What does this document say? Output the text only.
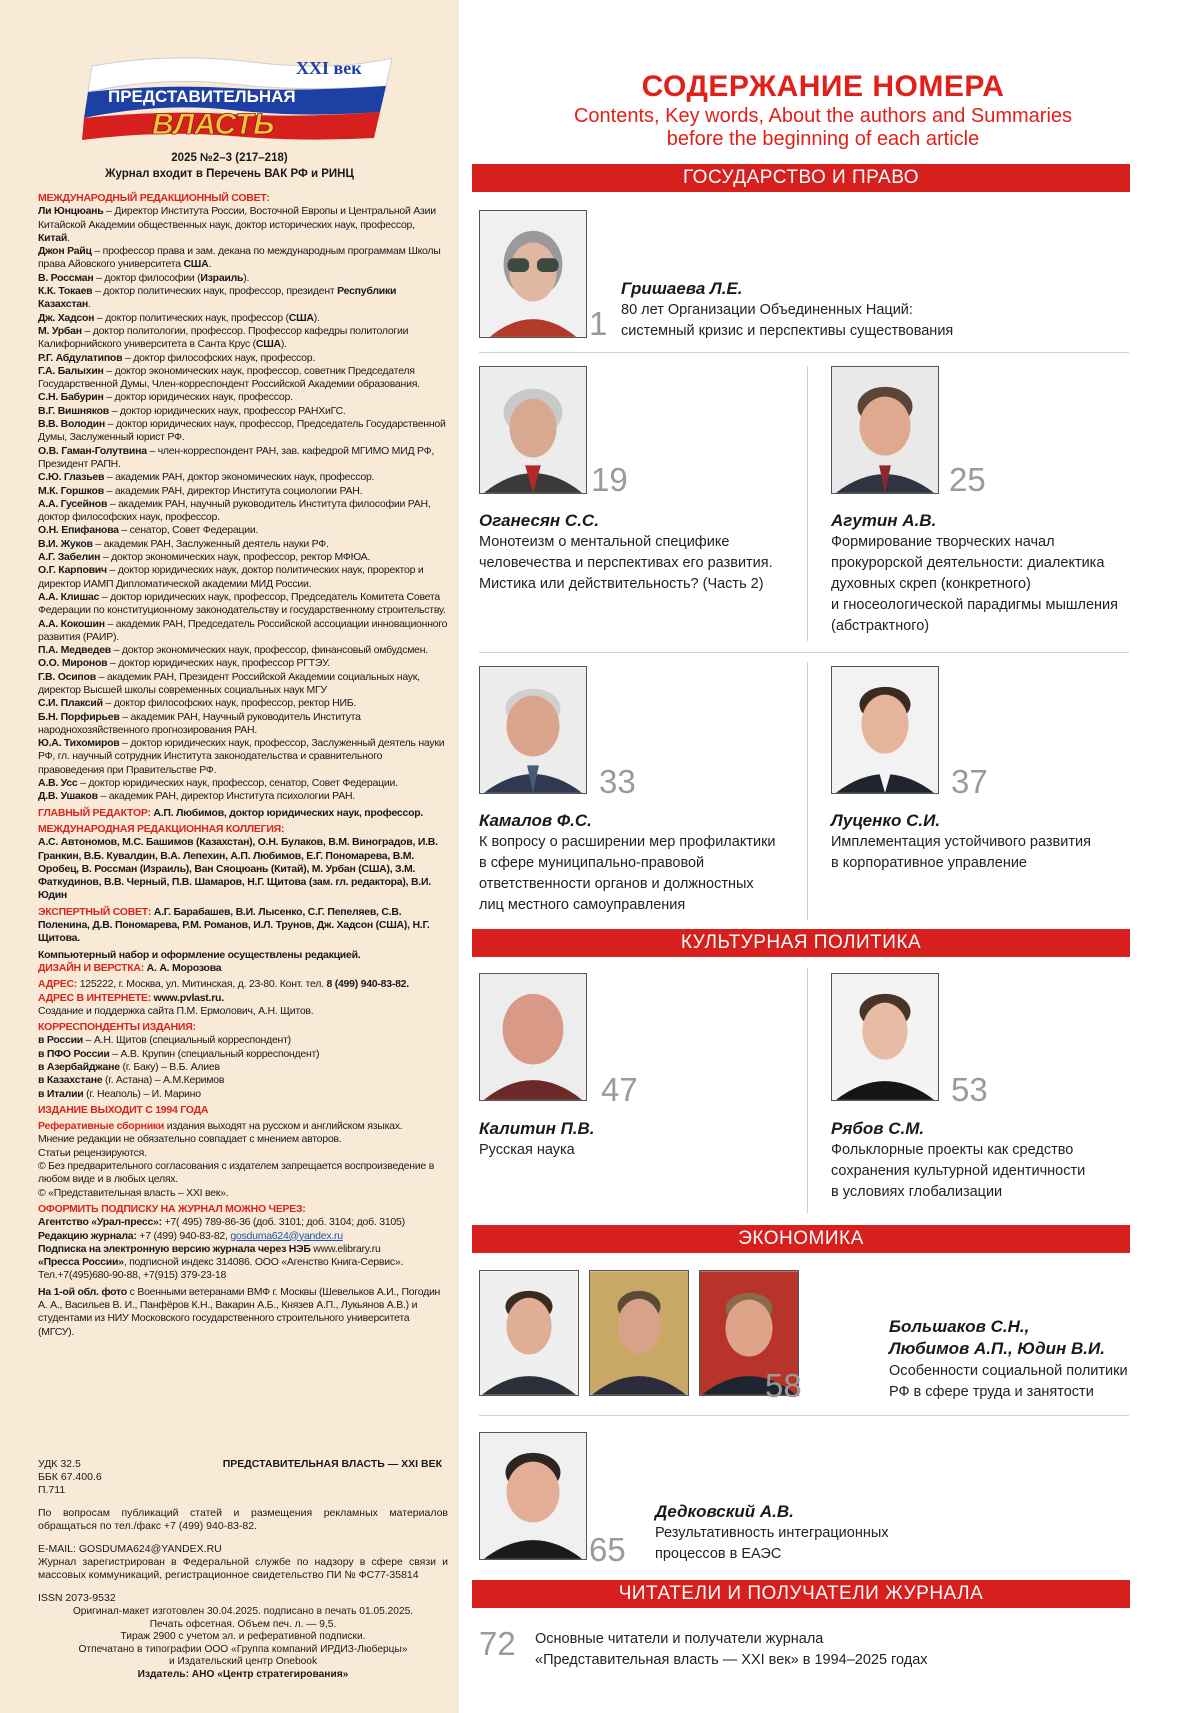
XXI век
ПРЕДСТАВИТЕЛЬНАЯ
ВЛАСТЬ
2025 №2–3 (217–218)
Журнал входит в Перечень ВАК РФ и РИНЦ

МЕЖДУНАРОДНЫЙ РЕДАКЦИОННЫЙ СОВЕТ:

Ли Юнцюань – Директор Института России, Восточной Европы и Центральной Азии Китайской Академии общественных наук, доктор исторических наук, профессор, Китай.

Джон Райц – профессор права и зам. декана по международным программам Школы права Айовского университета США.

В. Россман – доктор философии (Израиль).

К.К. Токаев – доктор политических наук, профессор, президент Республики Казахстан.

Дж. Хадсон – доктор политических наук, профессор (США).

М. Урбан – доктор политологии, профессор. Профессор кафедры политологии Калифорнийского университета в Санта Крус (США).

Р.Г. Абдулатипов – доктор философских наук, профессор.

Г.А. Балыхин – доктор экономических наук, профессор, советник Председателя Государственной Думы, Член-корреспондент Российской Академии образования.

С.Н. Бабурин – доктор юридических наук, профессор.

В.Г. Вишняков – доктор юридических наук, профессор РАНХиГС.

В.В. Володин – доктор юридических наук, профессор, Председатель Государственной Думы, Заслуженный юрист РФ.

О.В. Гаман-Голутвина – член-корреспондент РАН, зав. кафедрой МГИМО МИД РФ, Президент РАПН.

С.Ю. Глазьев – академик РАН, доктор экономических наук, профессор.

М.К. Горшков – академик РАН, директор Института социологии РАН.

А.А. Гусейнов – академик РАН, научный руководитель Института философии РАН, доктор философских наук, профессор.

О.Н. Епифанова – сенатор, Совет Федерации.

В.И. Жуков – академик РАН, Заслуженный деятель науки РФ.

А.Г. Забелин – доктор экономических наук, профессор, ректор МФЮА.

О.Г. Карпович – доктор юридических наук, доктор политических наук, проректор и директор ИАМП Дипломатической академии МИД России.

А.А. Клишас – доктор юридических наук, профессор, Председатель Комитета Совета Федерации по конституционному законодательству и государственному строительству.

А.А. Кокошин – академик РАН, Председатель Российской ассоциации инновационного развития (РАИР).

П.А. Медведев – доктор экономических наук, профессор, финансовый омбудсмен.

О.О. Миронов – доктор юридических наук, профессор РГТЭУ.

Г.В. Осипов – академик РАН, Президент Российской Академии социальных наук, директор Высшей школы современных социальных наук МГУ

С.И. Плаксий – доктор философских наук, профессор, ректор НИБ.

Б.Н. Порфирьев – академик РАН, Научный руководитель Института народнохозяйственного прогнозирования РАН.

Ю.А. Тихомиров – доктор юридических наук, профессор, Заслуженный деятель науки РФ, гл. научный сотрудник Института законодательства и сравнительного правоведения при Правительстве РФ.

А.В. Усс – доктор юридических наук, профессор, сенатор, Совет Федерации.

Д.В. Ушаков – академик РАН, директор Института психологии РАН.

ГЛАВНЫЙ РЕДАКТОР: А.П. Любимов, доктор юридических наук, профессор.

МЕЖДУНАРОДНАЯ РЕДАКЦИОННАЯ КОЛЛЕГИЯ:

А.С. Автономов, М.С. Башимов (Казахстан), О.Н. Булаков, В.М. Виноградов, И.В. Гранкин, В.Б. Кувалдин, В.А. Лепехин, А.П. Любимов, Е.Г. Пономарева, В.М. Оробец, В. Россман (Израиль), Ван Сяоцюань (Китай), М. Урбан (США), З.М. Фаткудинов, В.В. Черный, П.В. Шамаров, Н.Г. Щитова (зам. гл. редактора), В.И. Юдин

ЭКСПЕРТНЫЙ СОВЕТ: А.Г. Барабашев, В.И. Лысенко, С.Г. Пепеляев, С.В. Поленина, Д.В. Пономарева, Р.М. Романов, И.Л. Трунов, Дж. Хадсон (США), Н.Г. Щитова.

Компьютерный набор и оформление осуществлены редакцией.

ДИЗАЙН И ВЕРСТКА: А. А. Морозова

АДРЕС: 125222, г. Москва, ул. Митинская, д. 23-80. Конт. тел. 8 (499) 940-83-82.

АДРЕС В ИНТЕРНЕТЕ: www.pvlast.ru.

Создание и поддержка сайта П.М. Ермолович, А.Н. Щитов.

КОРРЕСПОНДЕНТЫ ИЗДАНИЯ:

в России – А.Н. Щитов (специальный корреспондент)

в ПФО России – А.В. Крупин (специальный корреспондент)

в Азербайджане (г. Баку) – В.Б. Алиев

в Казахстане (г. Астана) – А.М.Керимов

в Италии (г. Неаполь) – И. Марино

ИЗДАНИЕ ВЫХОДИТ С 1994 ГОДА

Реферативные сборники издания выходят на русском и английском языках.

Мнение редакции не обязательно совпадает с мнением авторов.

Статьи рецензируются.

© Без предварительного согласования с издателем запрещается воспроизведение в любом виде и в любых целях.

© «Представительная власть – XXI век».

ОФОРМИТЬ ПОДПИСКУ НА ЖУРНАЛ МОЖНО ЧЕРЕЗ:

Агентство «Урал-пресс»: +7( 495) 789-86-36 (доб. 3101; доб. 3104; доб. 3105)

Редакцию журнала: +7 (499) 940-83-82, gosduma624@yandex.ru

Подписка на электронную версию журнала через НЭБ www.elibrary.ru

«Пресса России», подписной индекс 314086. ООО «Агенство Книга-Сервис».

Тел.+7(495)680-90-88, +7(915) 379-23-18

На 1-ой обл. фото с Военными ветеранами ВМФ г. Москвы (Шевельков А.И., Погодин А. А., Васильев В. И., Панфёров К.Н., Вакарин А.Б., Князев А.П., Лукьянов А.В.) и студентами из НИУ Московского государственного строительного университета (МГСУ).

УДК 32.5
ББК 67.400.6
П.711
ПРЕДСТАВИТЕЛЬНАЯ ВЛАСТЬ — XXI ВЕК

По вопросам публикаций статей и размещения рекламных материалов обращаться по тел./факс +7 (499) 940-83-82.

E-MAIL: GOSDUMA624@YANDEX.RU

Журнал зарегистрирован в Федеральной службе по надзору в сфере связи и массовых коммуникаций, регистрационное свидетельство ПИ № ФС77-35814

ISSN 2073-9532

Оригинал-макет изготовлен 30.04.2025. подписано в печать 01.05.2025.
Печать офсетная. Объем печ. л. — 9,5.
Тираж 2900 с учетом эл. и реферативной подписки.
Отпечатано в типографии ООО «Группа компаний ИРДИЗ-Люберцы»
и Издательский центр Onebook
Издатель: АНО «Центр стратегирования»
СОДЕРЖАНИЕ НОМЕРА
Contents, Key words, About the authors and Summaries
before the beginning of each article
ГОСУДАРСТВО И ПРАВО
КУЛЬТУРНАЯ ПОЛИТИКА
ЭКОНОМИКА
ЧИТАТЕЛИ И ПОЛУЧАТЕЛИ ЖУРНАЛА
1
Гришаева Л.Е.
80 лет Организации Объединенных Наций:
системный кризис и перспективы существования
19
Оганесян С.С.
Монотеизм о ментальной специфике
человечества и перспективах его развития.
Мистика или действительность? (Часть 2)
25
Агутин А.В.
Формирование творческих начал
прокурорской деятельности: диалектика
духовных скреп (конкретного)
и гносеологической парадигмы мышления
(абстрактного)
33
Камалов Ф.С.
К вопросу о расширении мер профилактики
в сфере муниципально-правовой
ответственности органов и должностных
лиц местного самоуправления
37
Луценко С.И.
Имплементация устойчивого развития
в корпоративное управление
47
Калитин П.В.
Русская наука
53
Рябов С.М.
Фольклорные проекты как средство
сохранения культурной идентичности
в условиях глобализации
58
Большаков С.Н.,
Любимов А.П., Юдин В.И.
Особенности социальной политики
РФ в сфере труда и занятости
65
Дедковский А.В.
Результативность интеграционных
процессов в ЕАЭС
72 Основные читатели и получатели журнала
«Представительная власть — XXI век» в 1994–2025 годах
